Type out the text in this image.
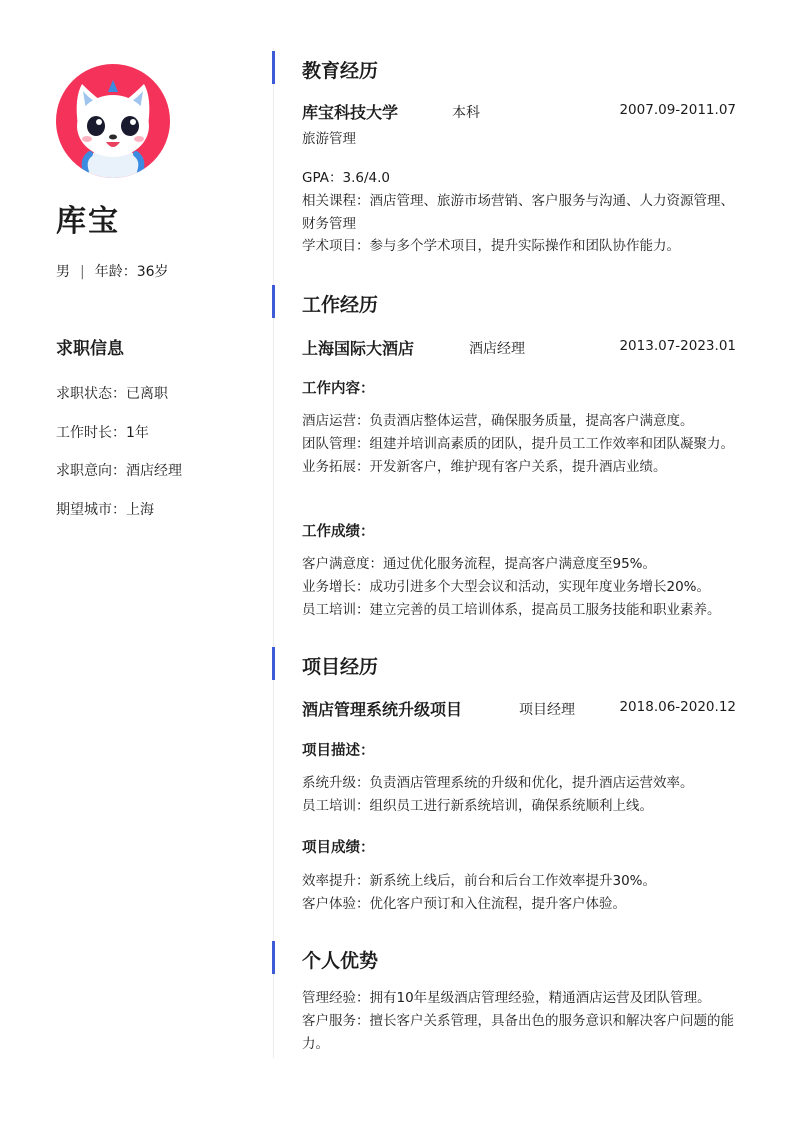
库宝
男 | 年龄：36岁
求职信息
求职状态：已离职
工作时长：1年
求职意向：酒店经理
期望城市：上海
教育经历
库宝科技大学	本科	2007.09-2011.07
旅游管理

GPA：3.6/4.0

相关课程：酒店管理、旅游市场营销、客户服务与沟通、人力资源管理、财务管理

学术项目：参与多个学术项目，提升实际操作和团队协作能力。

工作经历
上海国际大酒店	酒店经理	2013.07-2023.01
工作内容：

酒店运营：负责酒店整体运营，确保服务质量，提高客户满意度。

团队管理：组建并培训高素质的团队，提升员工工作效率和团队凝聚力。

业务拓展：开发新客户，维护现有客户关系，提升酒店业绩。

工作成绩：

客户满意度：通过优化服务流程，提高客户满意度至95%。

业务增长：成功引进多个大型会议和活动，实现年度业务增长20%。

员工培训：建立完善的员工培训体系，提高员工服务技能和职业素养。

项目经历
酒店管理系统升级项目	项目经理	2018.06-2020.12
项目描述：

系统升级：负责酒店管理系统的升级和优化，提升酒店运营效率。

员工培训：组织员工进行新系统培训，确保系统顺利上线。

项目成绩：

效率提升：新系统上线后，前台和后台工作效率提升30%。

客户体验：优化客户预订和入住流程，提升客户体验。

个人优势

管理经验：拥有10年星级酒店管理经验，精通酒店运营及团队管理。

客户服务：擅长客户关系管理，具备出色的服务意识和解决客户问题的能力。
